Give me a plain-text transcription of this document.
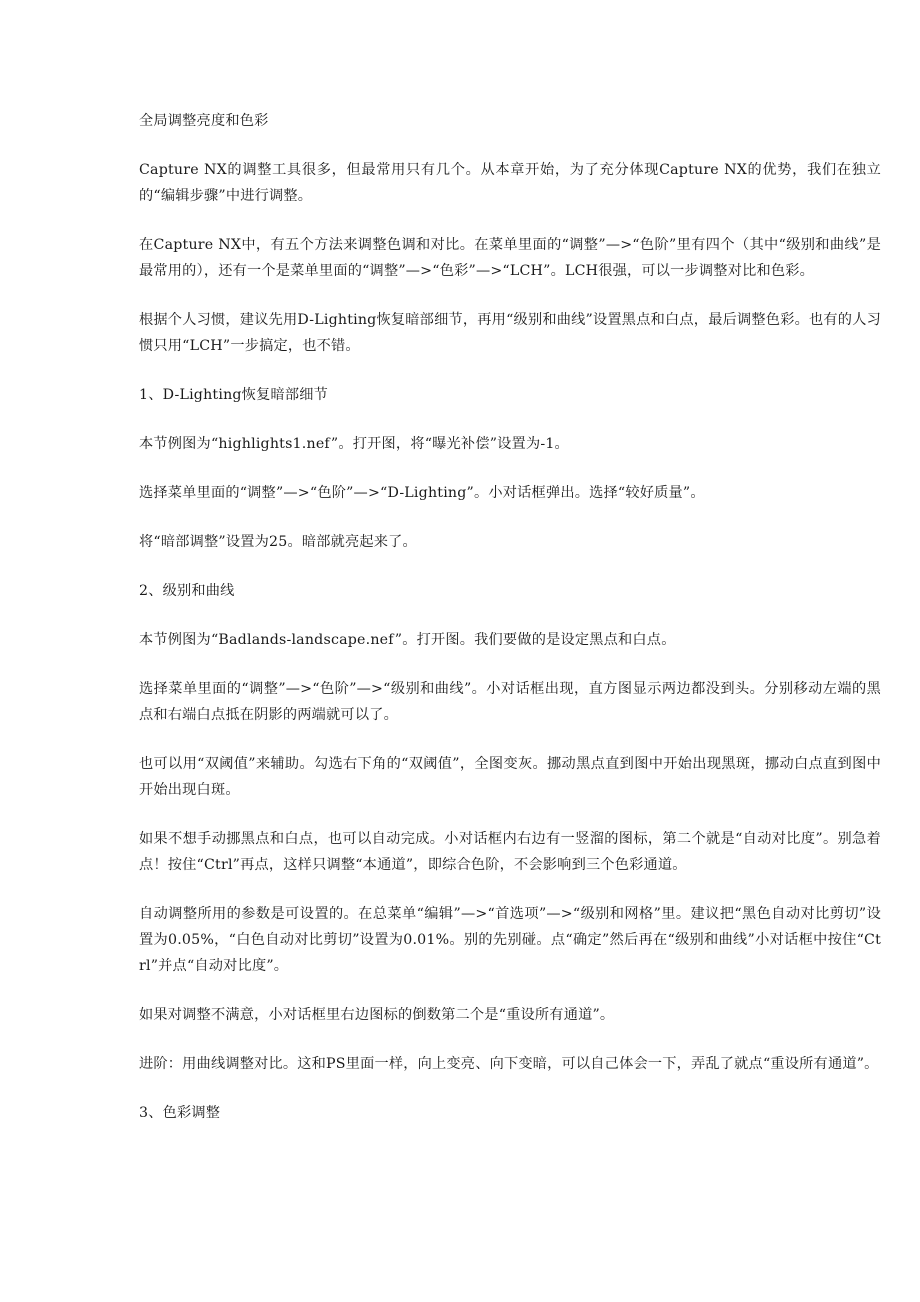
全局调整亮度和色彩

Capture NX的调整工具很多，但最常用只有几个。从本章开始，为了充分体现Capture NX的优势，我们在独立的“编辑步骤”中进行调整。

在Capture NX中，有五个方法来调整色调和对比。在菜单里面的“调整”—>“色阶”里有四个（其中“级别和曲线”是最常用的），还有一个是菜单里面的“调整”—>“色彩”—>“LCH”。LCH很强，可以一步调整对比和色彩。

根据个人习惯，建议先用D-Lighting恢复暗部细节，再用“级别和曲线”设置黑点和白点，最后调整色彩。也有的人习惯只用“LCH”一步搞定，也不错。

1、D-Lighting恢复暗部细节

本节例图为“highlights1.nef”。打开图，将“曝光补偿”设置为-1。

选择菜单里面的“调整”—>“色阶”—>“D-Lighting”。小对话框弹出。选择“较好质量”。

将“暗部调整”设置为25。暗部就亮起来了。

2、级别和曲线

本节例图为“Badlands-landscape.nef”。打开图。我们要做的是设定黑点和白点。

选择菜单里面的“调整”—>“色阶”—>“级别和曲线”。小对话框出现，直方图显示两边都没到头。分别移动左端的黑点和右端白点抵在阴影的两端就可以了。

也可以用“双阈值”来辅助。勾选右下角的“双阈值”，全图变灰。挪动黑点直到图中开始出现黑斑，挪动白点直到图中开始出现白斑。

如果不想手动挪黑点和白点，也可以自动完成。小对话框内右边有一竖溜的图标，第二个就是“自动对比度”。别急着点！按住“Ctrl”再点，这样只调整“本通道”，即综合色阶，不会影响到三个色彩通道。

自动调整所用的参数是可设置的。在总菜单“编辑”—>“首选项”—>“级别和网格”里。建议把“黑色自动对比剪切”设置为0.05%，“白色自动对比剪切”设置为0.01%。别的先别碰。点“确定”然后再在“级别和曲线”小对话框中按住“Ctrl”并点“自动对比度”。

如果对调整不满意，小对话框里右边图标的倒数第二个是“重设所有通道”。

进阶：用曲线调整对比。这和PS里面一样，向上变亮、向下变暗，可以自己体会一下，弄乱了就点“重设所有通道”。

3、色彩调整
